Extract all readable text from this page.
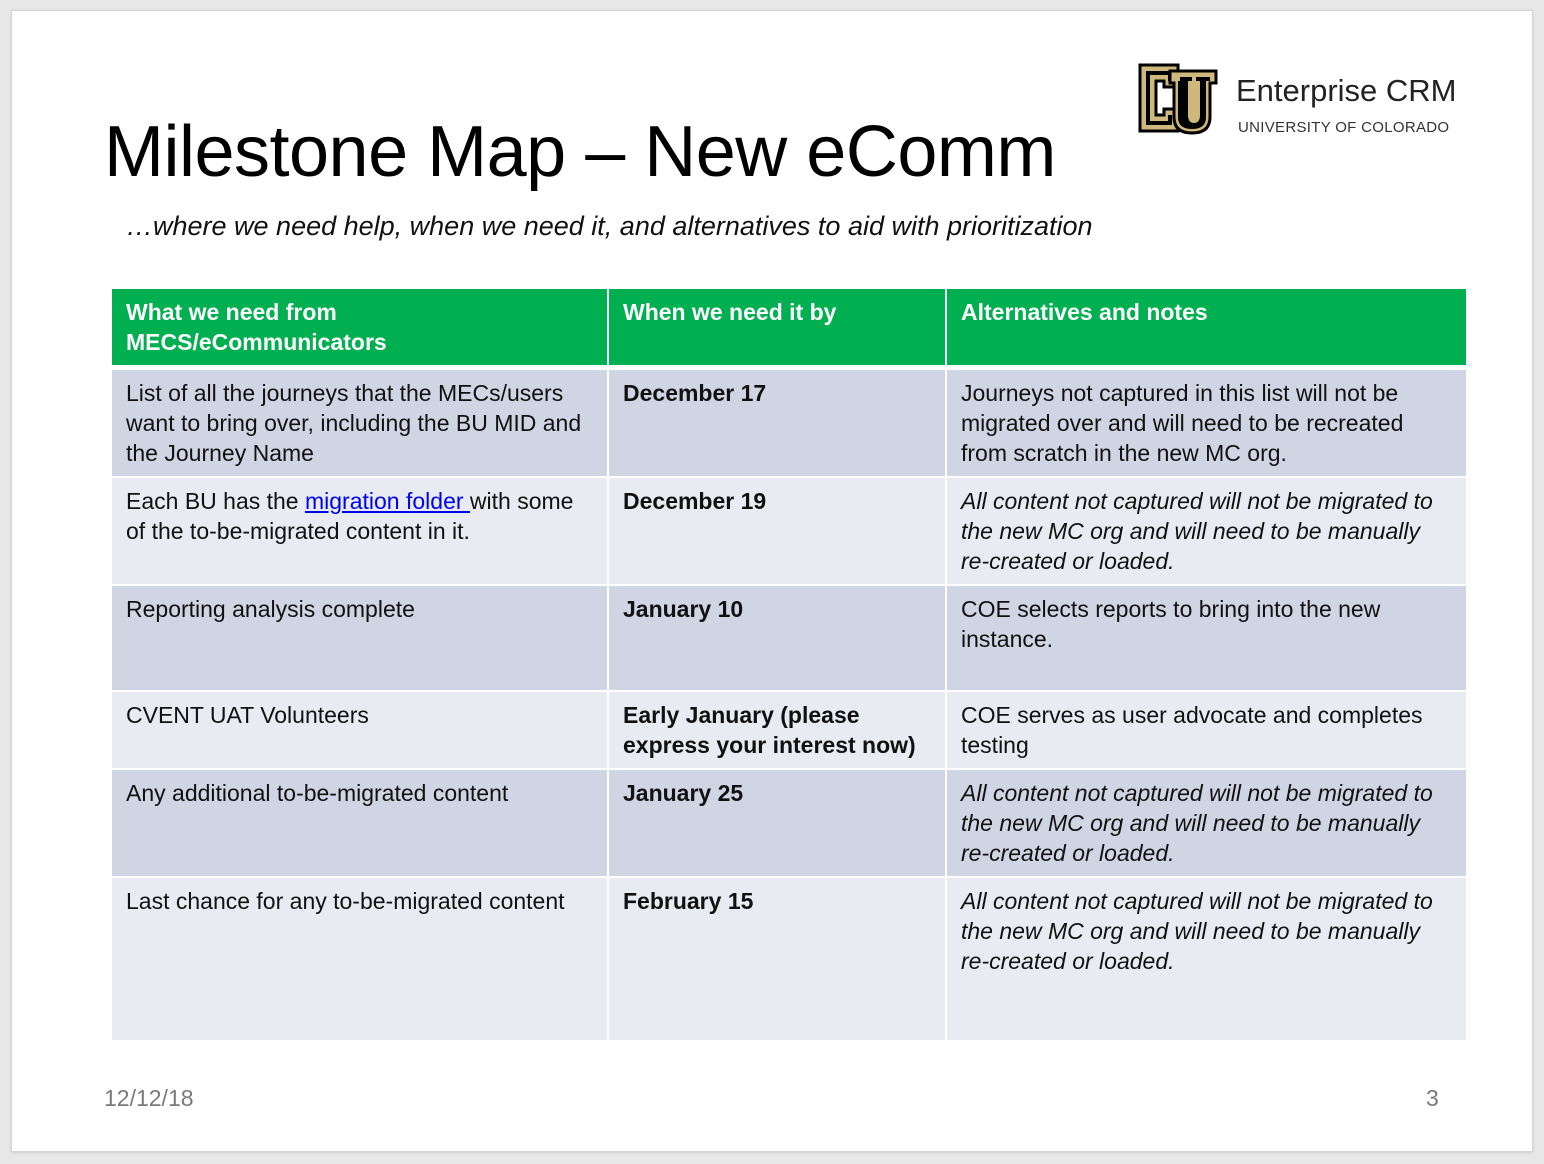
Milestone Map – New eComm
…where we need help, when we need it, and alternatives to aid with prioritization
Enterprise CRM
UNIVERSITY OF COLORADO
What we need from MECS/eCommunicators	When we need it by	Alternatives and notes
List of all the journeys that the MECs/users want to bring over, including the BU MID and the Journey Name	December 17	Journeys not captured in this list will not be migrated over and will need to be recreated from scratch in the new MC org.
Each BU has the migration folder with some of the to-be-migrated content in it.	December 19	All content not captured will not be migrated to the new MC org and will need to be manually re-created or loaded.
Reporting analysis complete	January 10	COE selects reports to bring into the new instance.
CVENT UAT Volunteers	Early January (please express your interest now)	COE serves as user advocate and completes testing
Any additional to-be-migrated content	January 25	All content not captured will not be migrated to the new MC org and will need to be manually re-created or loaded.
Last chance for any to-be-migrated content	February 15	All content not captured will not be migrated to the new MC org and will need to be manually re-created or loaded.
12/12/18	3
